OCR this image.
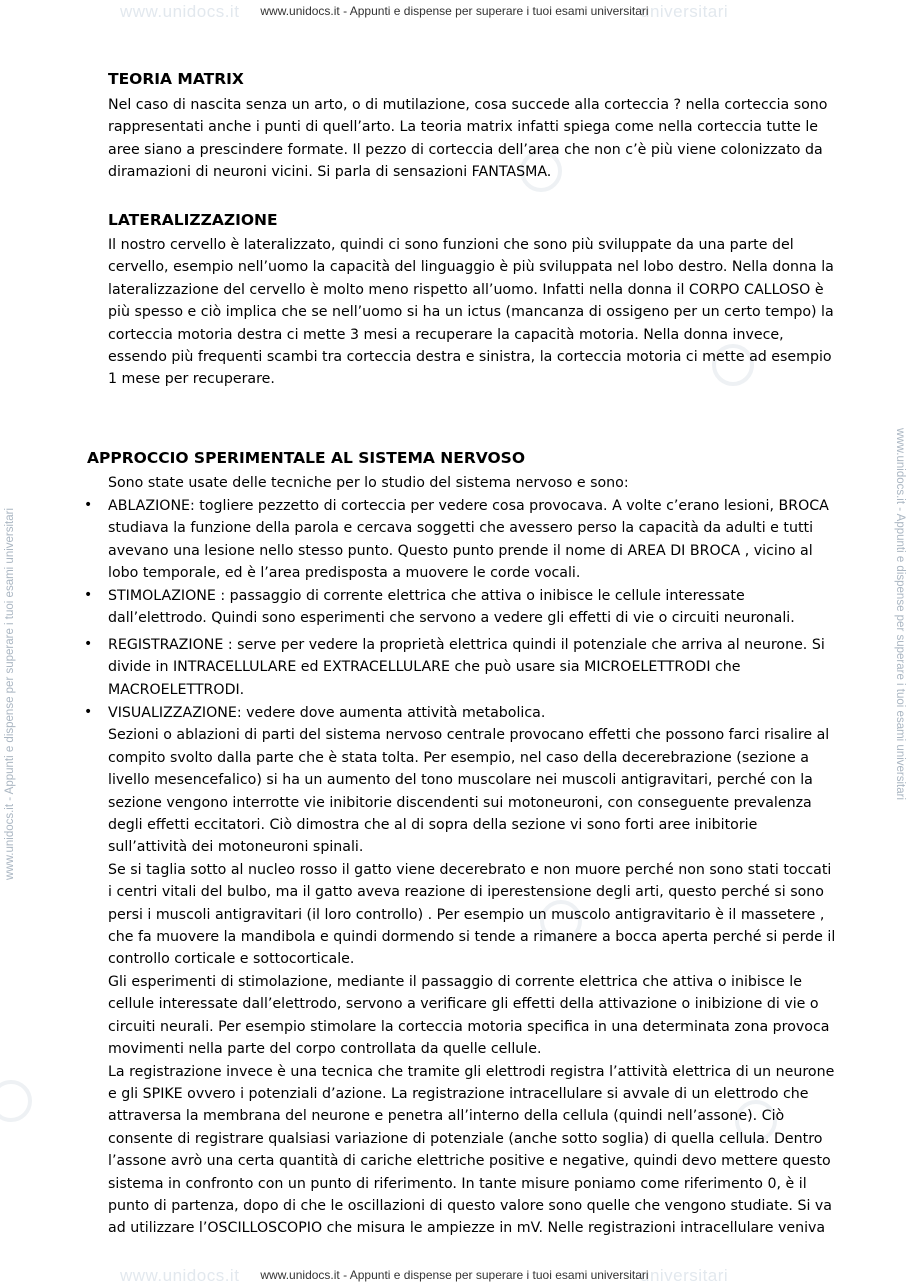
www.unidocs.it	universitari
www.unidocs.it	universitari
www.unidocs.it - Appunti e dispense per superare i tuoi esami universitari
www.unidocs.it - Appunti e dispense per superare i tuoi esami universitari
www.unidocs.it - Appunti e dispense per superare i tuoi esami universitari	www.unidocs.it - Appunti e dispense per superare i tuoi esami universitari
TEORIA MATRIX
Nel caso di nascita senza un arto, o di mutilazione, cosa succede alla corteccia ? nella corteccia sono
rappresentati anche i punti di quell’arto. La teoria matrix infatti spiega come nella corteccia tutte le
aree siano a prescindere formate. Il pezzo di corteccia dell’area che non c’è più viene colonizzato da
diramazioni di neuroni vicini. Si parla di sensazioni FANTASMA.
LATERALIZZAZIONE
Il nostro cervello è lateralizzato, quindi ci sono funzioni che sono più sviluppate da una parte del
cervello, esempio nell’uomo la capacità del linguaggio è più sviluppata nel lobo destro. Nella donna la
lateralizzazione del cervello è molto meno rispetto all’uomo. Infatti nella donna il CORPO CALLOSO è
più spesso e ciò implica che se nell’uomo si ha un ictus (mancanza di ossigeno per un certo tempo) la
corteccia motoria destra ci mette 3 mesi a recuperare la capacità motoria. Nella donna invece,
essendo più frequenti scambi tra corteccia destra e sinistra, la corteccia motoria ci mette ad esempio
1 mese per recuperare.
APPROCCIO SPERIMENTALE AL SISTEMA NERVOSO
Sono state usate delle tecniche per lo studio del sistema nervoso e sono:
• ABLAZIONE: togliere pezzetto di corteccia per vedere cosa provocava. A volte c’erano lesioni, BROCA
studiava la funzione della parola e cercava soggetti che avessero perso la capacità da adulti e tutti
avevano una lesione nello stesso punto. Questo punto prende il nome di AREA DI BROCA , vicino al
lobo temporale, ed è l’area predisposta a muovere le corde vocali.
• STIMOLAZIONE : passaggio di corrente elettrica che attiva o inibisce le cellule interessate
dall’elettrodo. Quindi sono esperimenti che servono a vedere gli effetti di vie o circuiti neuronali.
• REGISTRAZIONE : serve per vedere la proprietà elettrica quindi il potenziale che arriva al neurone. Si
divide in INTRACELLULARE ed EXTRACELLULARE che può usare sia MICROELETTRODI che
MACROELETTRODI.
• VISUALIZZAZIONE: vedere dove aumenta attività metabolica.
Sezioni o ablazioni di parti del sistema nervoso centrale provocano effetti che possono farci risalire al
compito svolto dalla parte che è stata tolta. Per esempio, nel caso della decerebrazione (sezione a
livello mesencefalico) si ha un aumento del tono muscolare nei muscoli antigravitari, perché con la
sezione vengono interrotte vie inibitorie discendenti sui motoneuroni, con conseguente prevalenza
degli effetti eccitatori. Ciò dimostra che al di sopra della sezione vi sono forti aree inibitorie
sull’attività dei motoneuroni spinali.
Se si taglia sotto al nucleo rosso il gatto viene decerebrato e non muore perché non sono stati toccati
i centri vitali del bulbo, ma il gatto aveva reazione di iperestensione degli arti, questo perché si sono
persi i muscoli antigravitari (il loro controllo) . Per esempio un muscolo antigravitario è il massetere ,
che fa muovere la mandibola e quindi dormendo si tende a rimanere a bocca aperta perché si perde il
controllo corticale e sottocorticale.
Gli esperimenti di stimolazione, mediante il passaggio di corrente elettrica che attiva o inibisce le
cellule interessate dall’elettrodo, servono a verificare gli effetti della attivazione o inibizione di vie o
circuiti neurali. Per esempio stimolare la corteccia motoria specifica in una determinata zona provoca
movimenti nella parte del corpo controllata da quelle cellule.
La registrazione invece è una tecnica che tramite gli elettrodi registra l’attività elettrica di un neurone
e gli SPIKE ovvero i potenziali d’azione. La registrazione intracellulare si avvale di un elettrodo che
attraversa la membrana del neurone e penetra all’interno della cellula (quindi nell’assone). Ciò
consente di registrare qualsiasi variazione di potenziale (anche sotto soglia) di quella cellula. Dentro
l’assone avrò una certa quantità di cariche elettriche positive e negative, quindi devo mettere questo
sistema in confronto con un punto di riferimento. In tante misure poniamo come riferimento 0, è il
punto di partenza, dopo di che le oscillazioni di questo valore sono quelle che vengono studiate. Si va
ad utilizzare l’OSCILLOSCOPIO che misura le ampiezze in mV. Nelle registrazioni intracellulare veniva
